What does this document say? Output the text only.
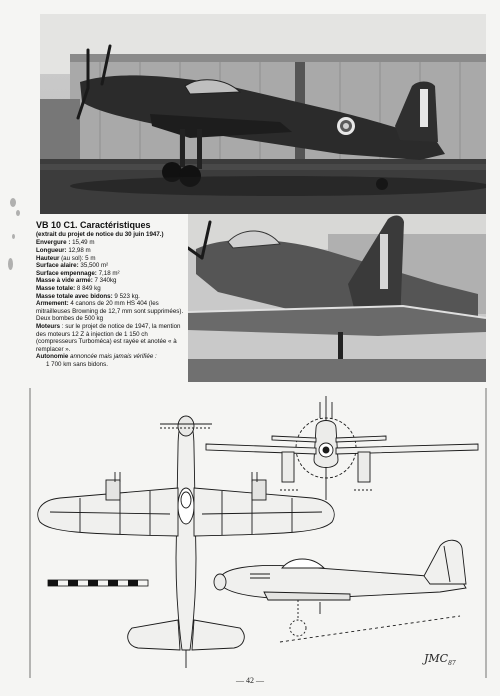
VB 10 C1. Caractéristiques
(extrait du projet de notice du 30 juin 1947.)
Envergure : 15,49 m
Longueur: 12,98 m
Hauteur (au sol): 5 m
Surface alaire: 35,500 m²
Surface empennage: 7,18 m²
Masse à vide armé: 7 340kg
Masse totale: 8 849 kg
Masse totale avec bidons: 9 523 kg.
Armement: 4 canons de 20 mm HS 404 (les mitrailleuses Browning de 12,7 mm sont supprimées). Deux bombes de 500 kg
Moteurs : sur le projet de notice de 1947, la mention des moteurs 12 Z à injection de 1 150 ch (compresseurs Turboméca) est rayée et anotée « à remplacer ».
Autonomie annoncée mais jamais vérifiée :
1 700 km sans bidons.
$JMC_{87}$
— 42 —
